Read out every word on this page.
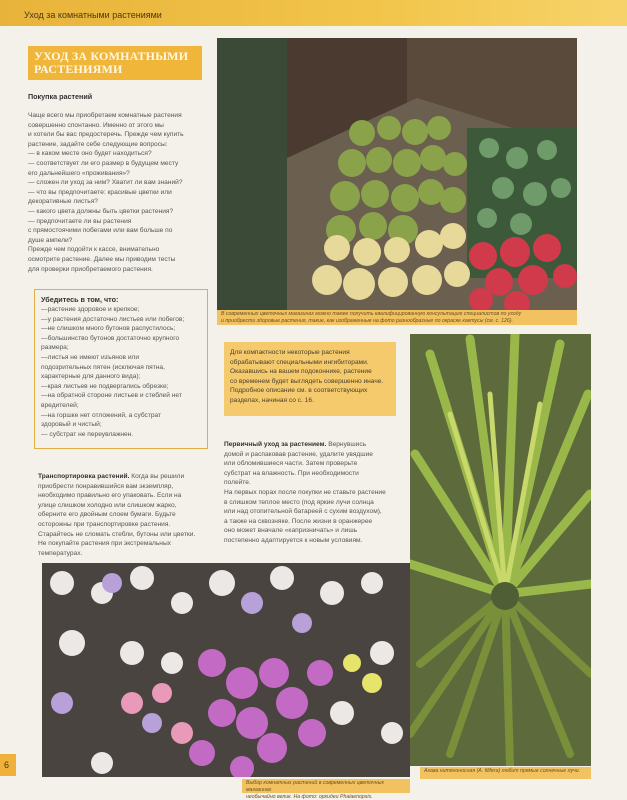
Уход за комнатными растениями
УХОД ЗА КОМНАТНЫМИ
РАСТЕНИЯМИ
Покупка растений

Чаще всего мы приобретаем комнатные растения

совершенно спонтанно. Именно от этого мы

и хотели бы вас предостеречь. Прежде чем купить

растение, задайте себе следующие вопросы:

— в каком месте оно будет находиться?

— соответствует ли его размер в будущем месту

его дальнейшего «проживания»?

— сложен ли уход за ним? Хватит ли вам знаний?

— что вы предпочитаете: красивые цветки или

декоративные листья?

— какого цвета должны быть цветки растения?

— предпочитаете ли вы растения

с прямостоячими побегами или вам больше по

душе ампели?

Прежде чем подойти к кассе, внимательно

осмотрите растение. Далее мы приводим тесты

для проверки приобретаемого растения.

Убедитесь в том, что:

—растение здоровое и крепкое;

—у растения достаточно листьев или побегов;

—не слишком много бутонов распустилось;

—большинство бутонов достаточно крупного

размера;

—листья не имеют изъянов или

подозрительных пятен (исключая пятна,

характерные для данного вида);

—края листьев не подвергались обрезке;

—на обратной стороне листьев и стеблей нет

вредителей;

—на горшке нет отложений, а субстрат

здоровый и чистый;

— субстрат не переувлажнен.

Транспортировка растений. Когда вы решили

приобрести понравившийся вам экземпляр,

необходимо правильно его упаковать. Если на

улице слишком холодно или слишком жарко,

оберните его двойным слоем бумаги. Будьте

осторожны при транспортировке растения.

Старайтесь не сломать стебли, бутоны или цветки.

Не покупайте растения при экстремальных

температурах.

В современных цветочных магазинах можно также получить квалифицированную консультацию специалистов по уходу
и приобрести здоровые растения, такие, как изображенные на фото разнообразные по окраске кактусы (см. с. 126).

Для компактности некоторые растения

обрабатывают специальными ингибиторами.

Оказавшись на вашем подоконнике, растение

со временем будет выглядеть совершенно иначе.

Подробное описание см. в соответствующих

разделах, начиная со с. 16.

Первичный уход за растением. Вернувшись

домой и распаковав растение, удалите увядшие

или обломившиеся части. Затем проверьте

субстрат на влажность. При необходимости

полейте.

На первых порах после покупки не ставьте растение

в слишком теплое место (под яркие лучи солнца

или над отопительной батареей с сухим воздухом),

а также на сквозняке. После жизни в оранжерее

оно может вначале «капризничать» и лишь

постепенно адаптируется к новым условиям.

Агава нитяноносная (A. filifera) любит прямые солнечные лучи.
Выбор комнатных растений в современных цветочных магазинах
необычайно велик. На фото: орхидеи Phalaenopsis.
6
